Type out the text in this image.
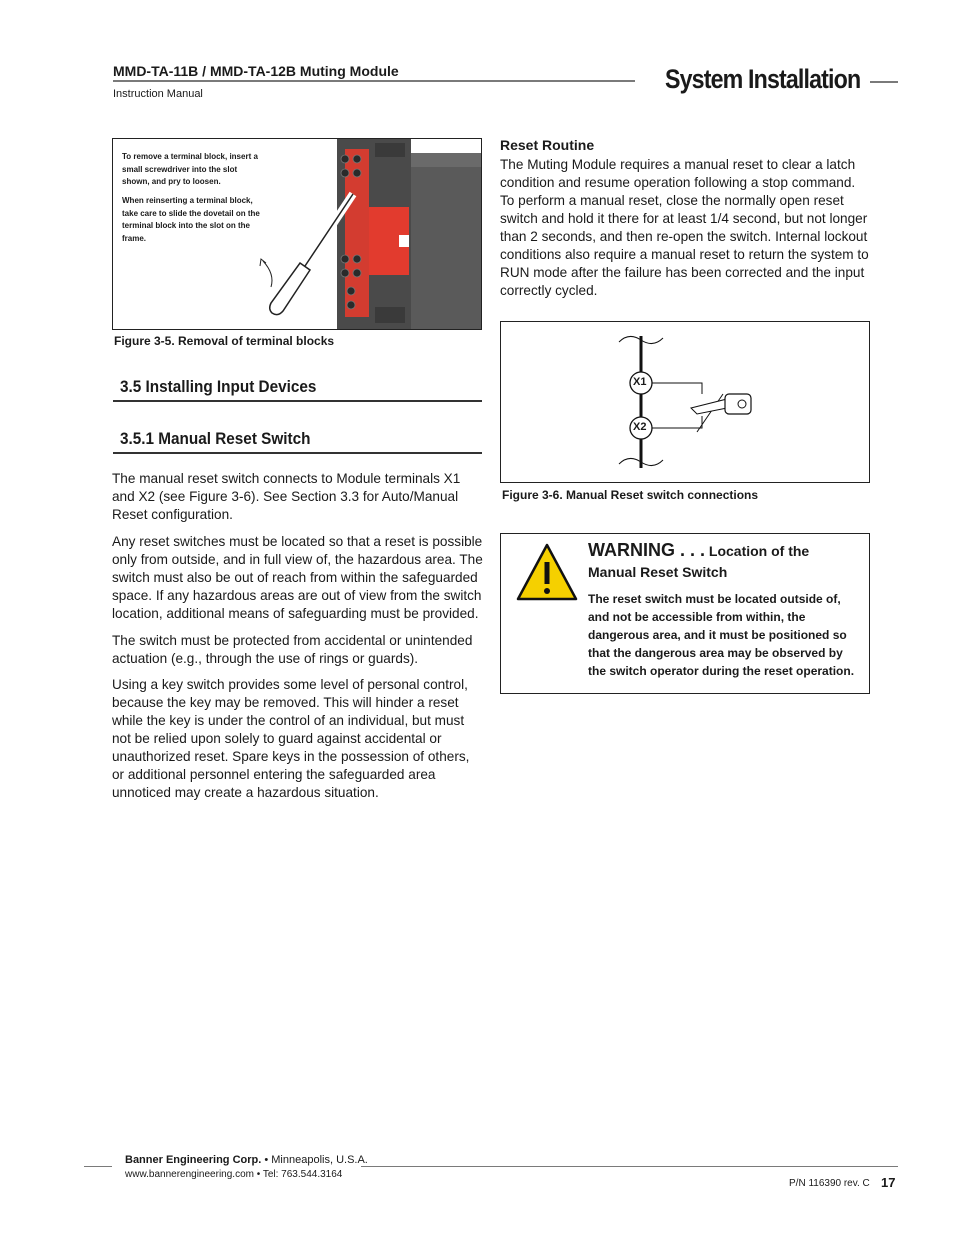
MMD-TA-11B / MMD-TA-12B Muting Module
Instruction Manual	System Installation
To remove a terminal block, insert a small screwdriver into the slot shown, and pry to loosen.
When reinserting a terminal block, take care to slide the dovetail on the terminal block into the slot on the frame.
Figure 3-5. Removal of terminal blocks
3.5 Installing Input Devices
3.5.1 Manual Reset Switch
The manual reset switch connects to Module terminals X1 and X2 (see Figure 3-6). See Section 3.3 for Auto/Manual Reset configuration.
Any reset switches must be located so that a reset is possible only from outside, and in full view of, the hazardous area. The switch must also be out of reach from within the safeguarded space. If any hazardous areas are out of view from the switch location, additional means of safeguarding must be provided.
The switch must be protected from accidental or unintended actuation (e.g., through the use of rings or guards).
Using a key switch provides some level of personal control, because the key may be removed. This will hinder a reset while the key is under the control of an individual, but must not be relied upon solely to guard against accidental or unauthorized reset. Spare keys in the possession of others, or additional personnel entering the safeguarded area unnoticed may create a hazardous situation.
Reset Routine
The Muting Module requires a manual reset to clear a latch condition and resume operation following a stop command. To perform a manual reset, close the normally open reset switch and hold it there for at least 1/4 second, but not longer than 2 seconds, and then re-open the switch. Internal lockout conditions also require a manual reset to return the system to RUN mode after the failure has been corrected and the input correctly cycled.
X1
X2
Figure 3-6. Manual Reset switch connections
WARNING . . . Location of the Manual Reset Switch
The reset switch must be located outside of, and not be accessible from within, the dangerous area, and it must be positioned so that the dangerous area may be observed by the switch operator during the reset operation.
Banner Engineering Corp. • Minneapolis, U.S.A.
www.bannerengineering.com • Tel: 763.544.3164
P/N 116390 rev. C 17
